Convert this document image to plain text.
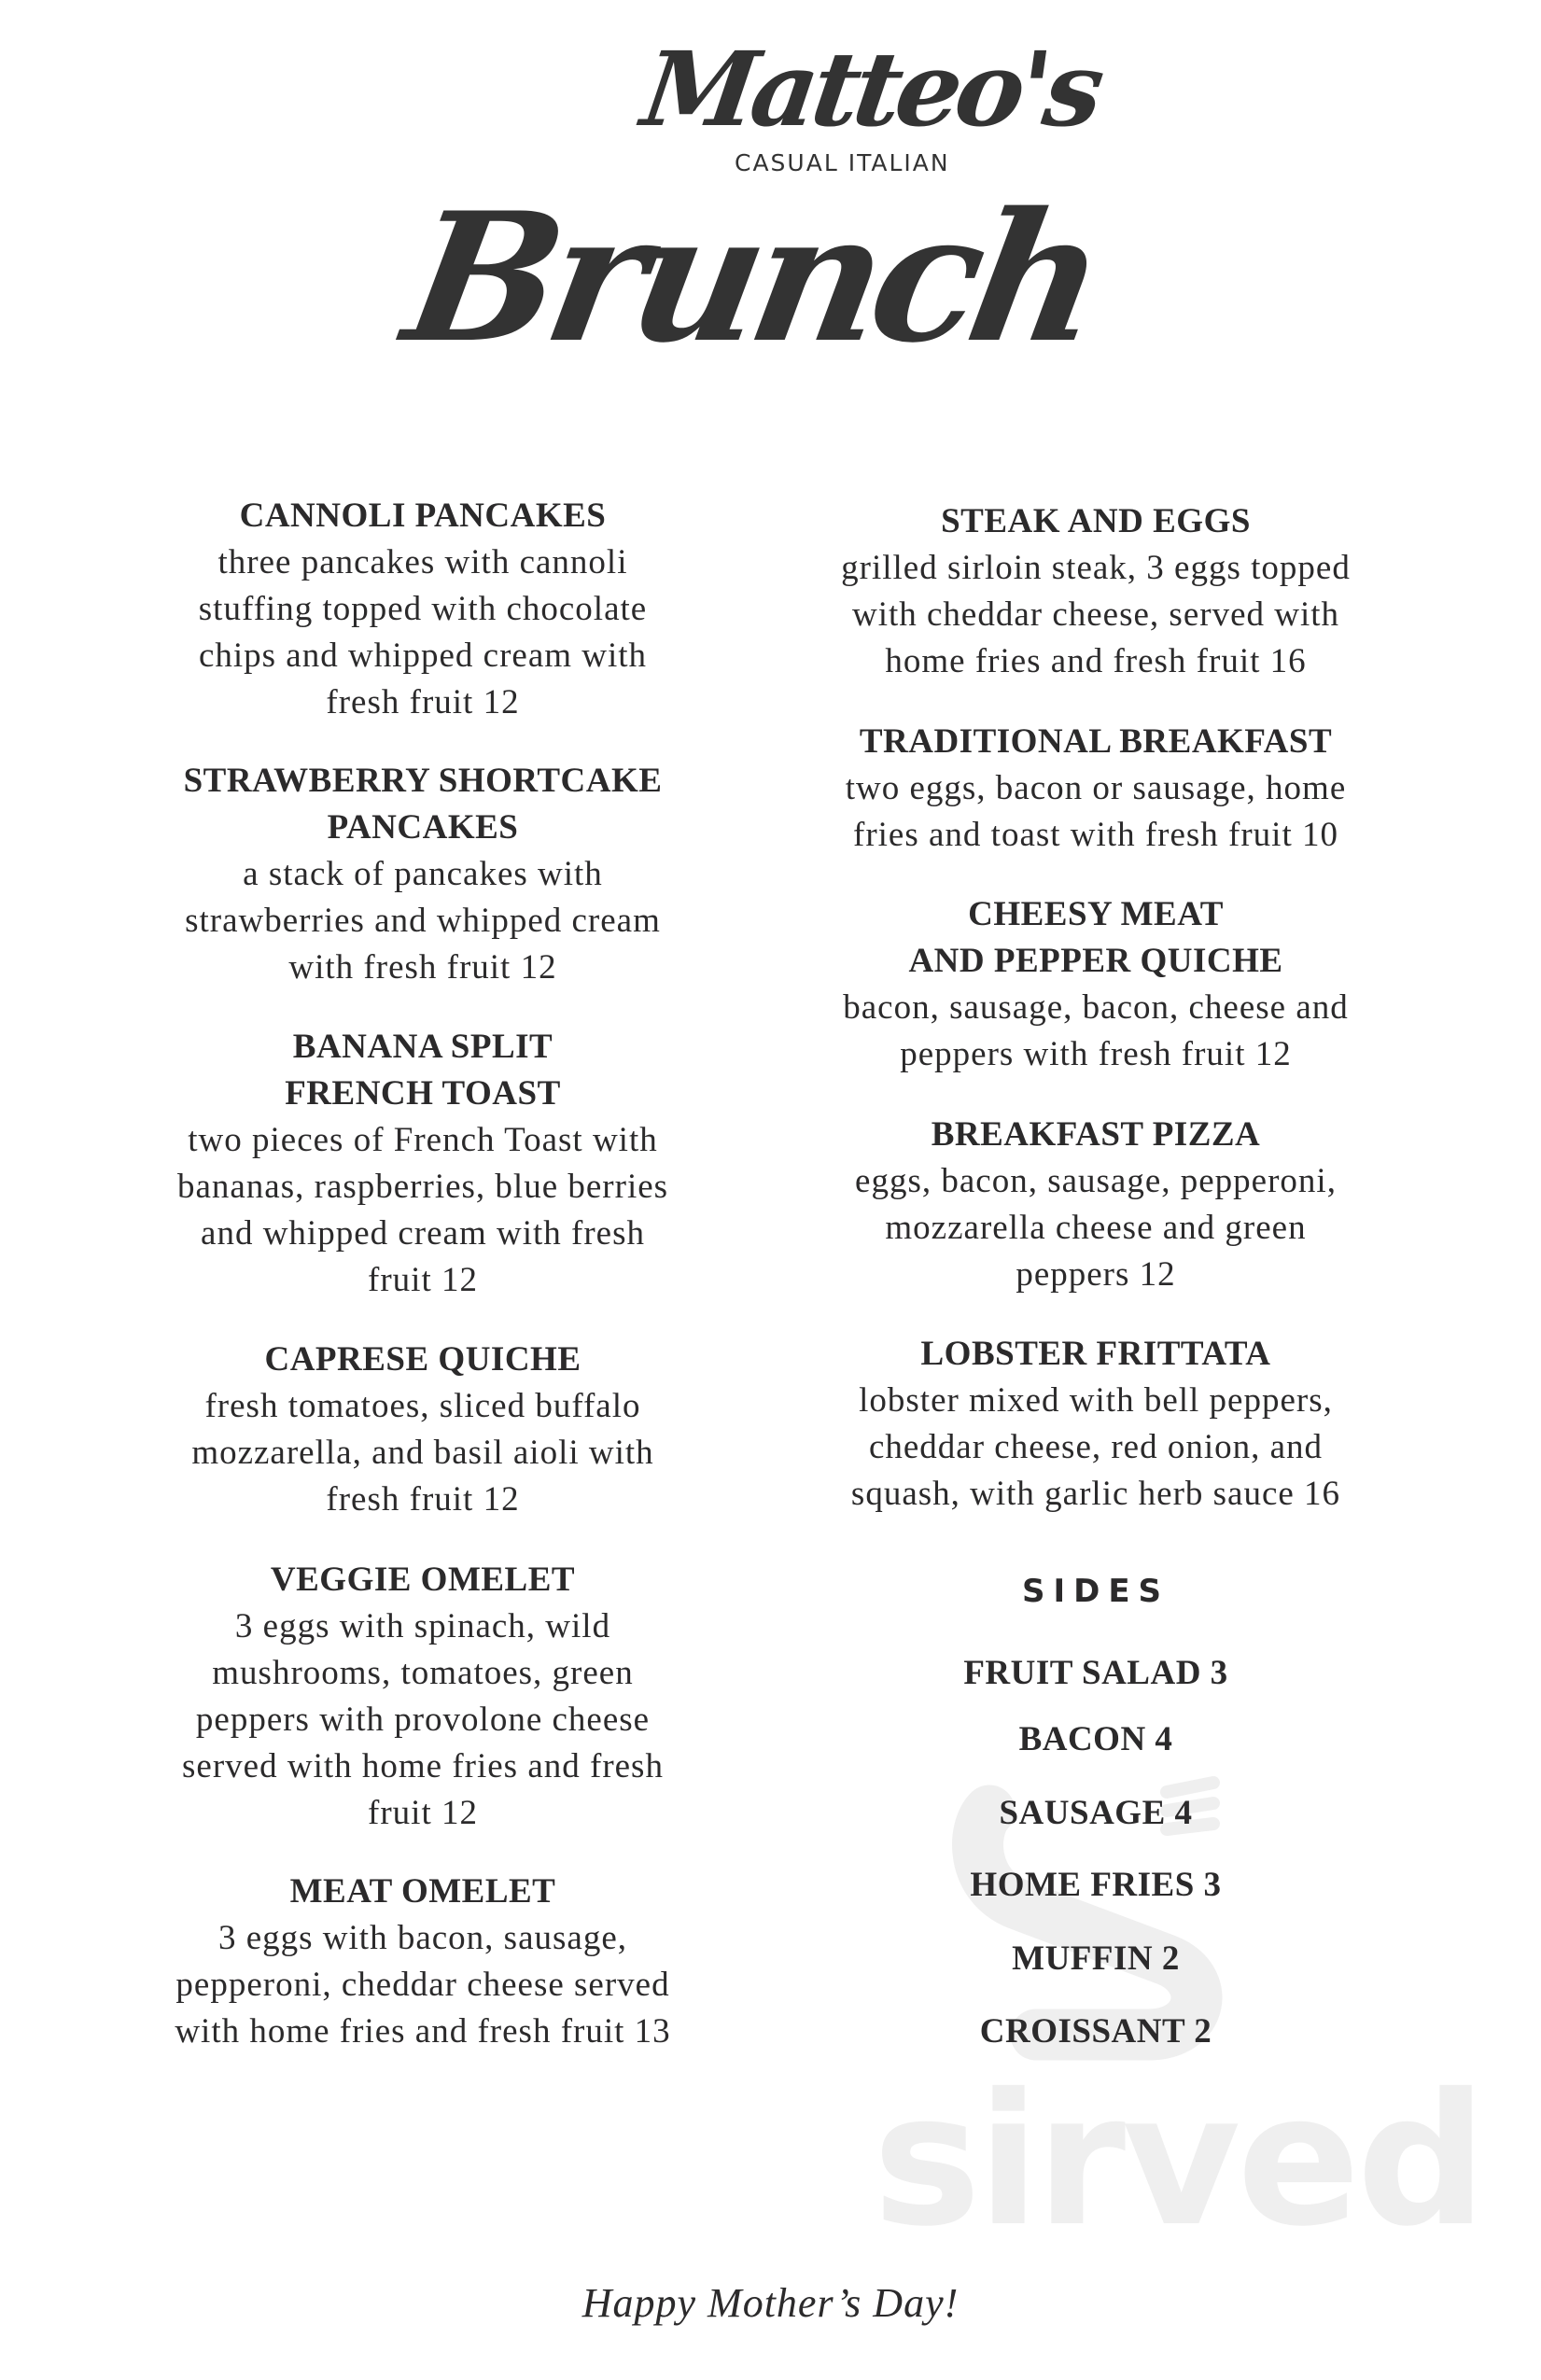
sirved
Matteo's
CASUAL ITALIAN
Brunch
CANNOLI PANCAKES
three pancakes with cannoli
stuffing topped with chocolate
chips and whipped cream with
fresh fruit 12
STRAWBERRY SHORTCAKE
PANCAKES
a stack of pancakes with
strawberries and whipped cream
with fresh fruit 12
BANANA SPLIT
FRENCH TOAST
two pieces of French Toast with
bananas, raspberries, blue berries
and whipped cream with fresh
fruit 12
CAPRESE QUICHE
fresh tomatoes, sliced buffalo
mozzarella, and basil aioli with
fresh fruit 12
VEGGIE OMELET
3 eggs with spinach, wild
mushrooms, tomatoes, green
peppers with provolone cheese
served with home fries and fresh
fruit 12
MEAT OMELET
3 eggs with bacon, sausage,
pepperoni, cheddar cheese served
with home fries and fresh fruit 13
STEAK AND EGGS
grilled sirloin steak, 3 eggs topped
with cheddar cheese, served with
home fries and fresh fruit 16
TRADITIONAL BREAKFAST
two eggs, bacon or sausage, home
fries and toast with fresh fruit 10
CHEESY MEAT
AND PEPPER QUICHE
bacon, sausage, bacon, cheese and
peppers with fresh fruit 12
BREAKFAST PIZZA
eggs, bacon, sausage, pepperoni,
mozzarella cheese and green
peppers 12
LOBSTER FRITTATA
lobster mixed with bell peppers,
cheddar cheese, red onion, and
squash, with garlic herb sauce 16
SIDES
FRUIT SALAD 3
BACON 4
SAUSAGE 4
HOME FRIES 3
MUFFIN 2
CROISSANT 2
Happy Mother’s Day!
